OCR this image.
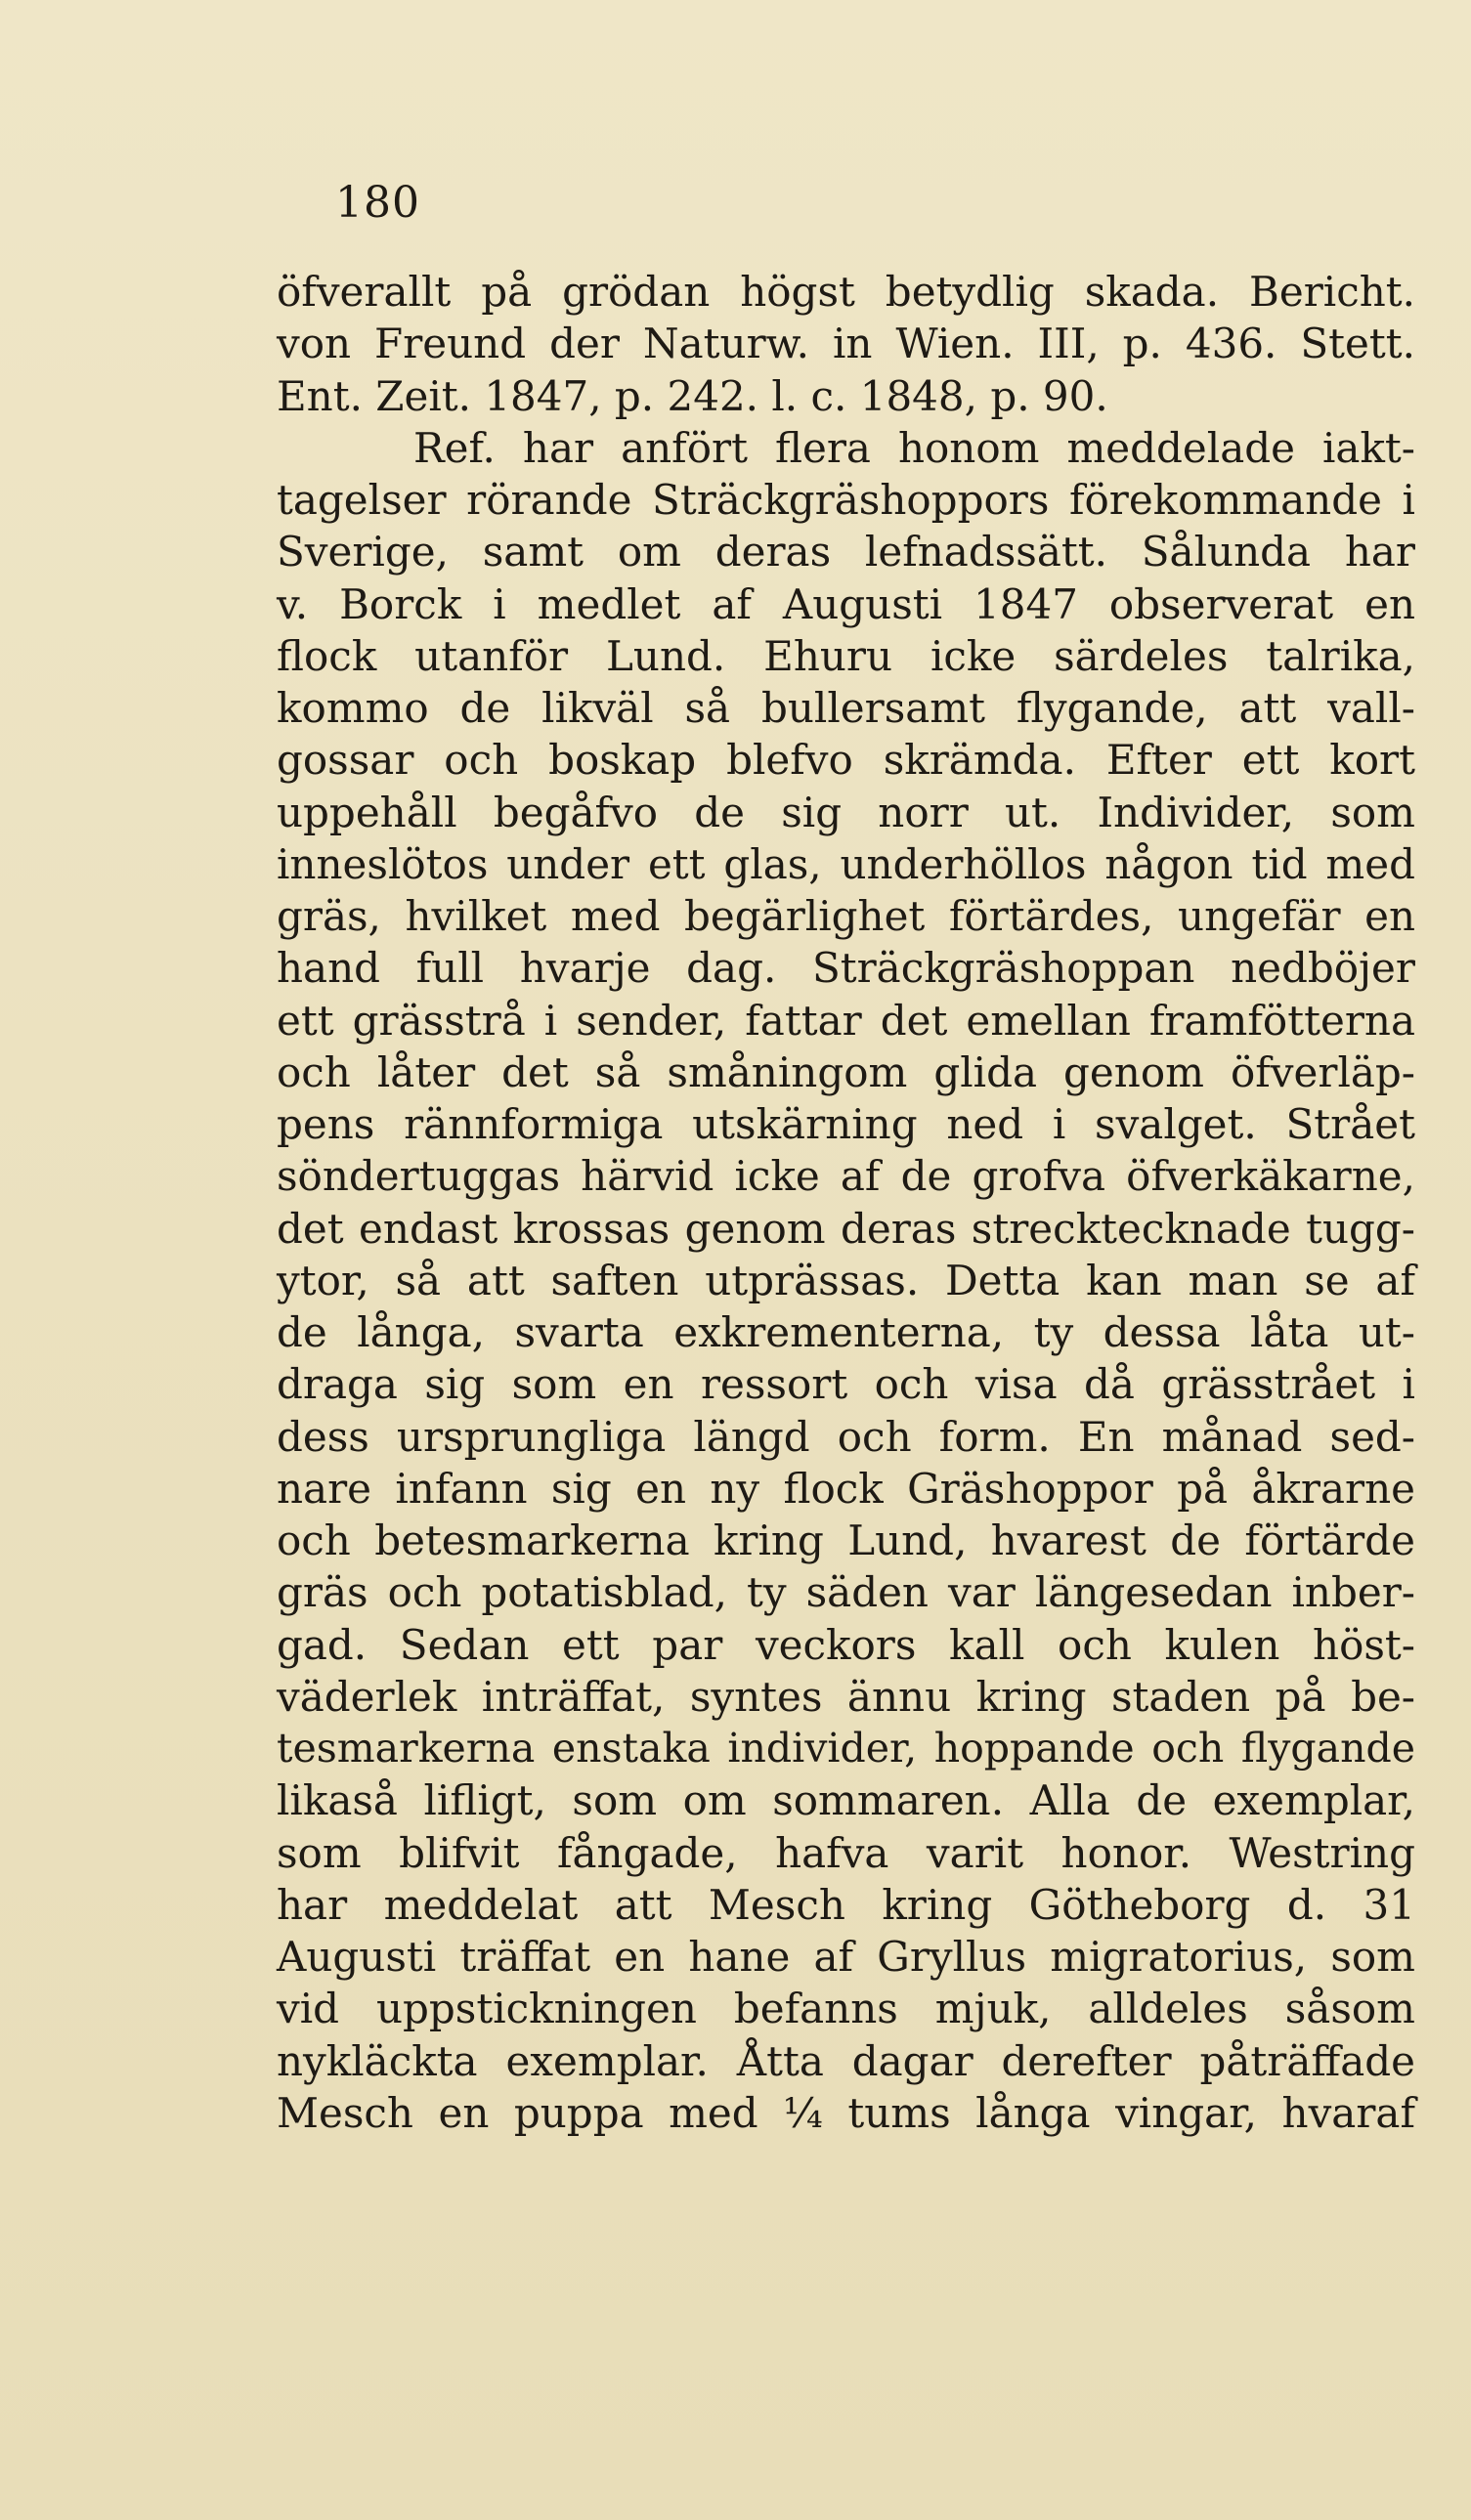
180
öfverallt på grödan högst betydlig skada. Bericht.
von Freund der Naturw. in Wien. III, p. 436. Stett.
Ent. Zeit. 1847, p. 242. l. c. 1848, p. 90.
Ref. har anfört flera honom meddelade iakt-
tagelser rörande Sträckgräshoppors förekommande i
Sverige, samt om deras lefnadssätt. Sålunda har
v. Borck i medlet af Augusti 1847 observerat en
flock utanför Lund. Ehuru icke särdeles talrika,
kommo de likväl så bullersamt flygande, att vall-
gossar och boskap blefvo skrämda. Efter ett kort
uppehåll begåfvo de sig norr ut. Individer, som
inneslötos under ett glas, underhöllos någon tid med
gräs, hvilket med begärlighet förtärdes, ungefär en
hand full hvarje dag. Sträckgräshoppan nedböjer
ett grässtrå i sender, fattar det emellan framfötterna
och låter det så småningom glida genom öfverläp-
pens rännformiga utskärning ned i svalget. Strået
söndertuggas härvid icke af de grofva öfverkäkarne,
det endast krossas genom deras strecktecknade tugg-
ytor, så att saften utprässas. Detta kan man se af
de långa, svarta exkrementerna, ty dessa låta ut-
draga sig som en ressort och visa då grässtrået i
dess ursprungliga längd och form. En månad sed-
nare infann sig en ny flock Gräshoppor på åkrarne
och betesmarkerna kring Lund, hvarest de förtärde
gräs och potatisblad, ty säden var längesedan inber-
gad. Sedan ett par veckors kall och kulen höst-
väderlek inträffat, syntes ännu kring staden på be-
tesmarkerna enstaka individer, hoppande och flygande
likaså lifligt, som om sommaren. Alla de exemplar,
som blifvit fångade, hafva varit honor. Westring
har meddelat att Mesch kring Götheborg d. 31
Augusti träffat en hane af Gryllus migratorius, som
vid uppstickningen befanns mjuk, alldeles såsom
nykläckta exemplar. Åtta dagar derefter påträffade
Mesch en puppa med ¼ tums långa vingar, hvaraf
